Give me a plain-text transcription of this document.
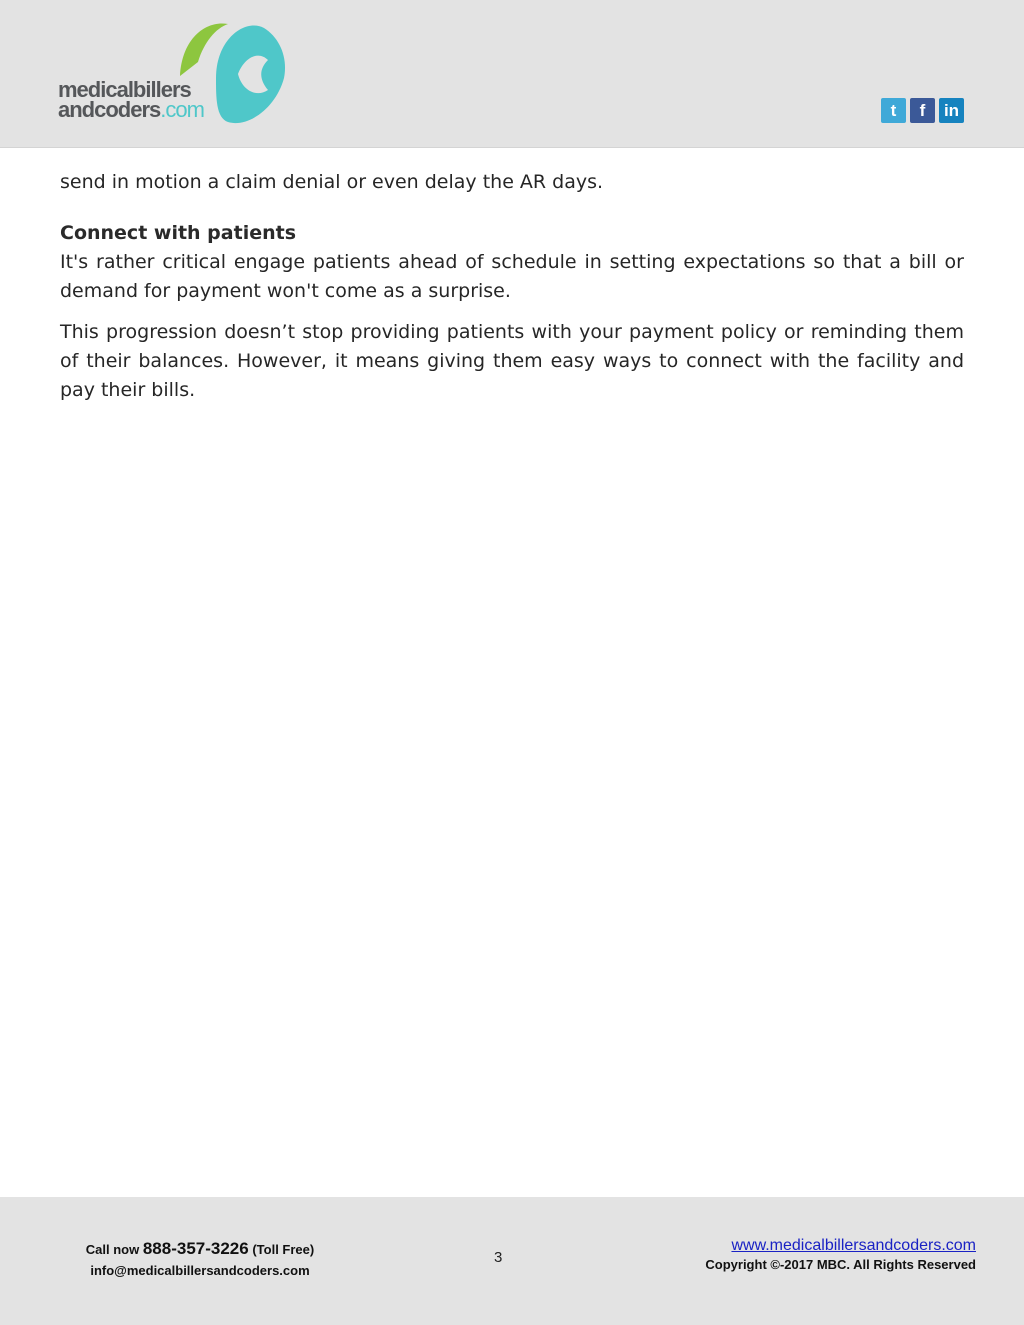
medicalbillers
andcoders.com	t	f	in

send in motion a claim denial or even delay the AR days.

Connect with patients

It's rather critical engage patients ahead of schedule in setting expectations so that a bill or demand for payment won't come as a surprise.

This progression doesn’t stop providing patients with your payment policy or reminding them of their balances. However, it means giving them easy ways to connect with the facility and pay their bills.

Call now 888-357-3226 (Toll Free)
info@medicalbillersandcoders.com
3
www.medicalbillersandcoders.com
Copyright ©-2017 MBC. All Rights Reserved
